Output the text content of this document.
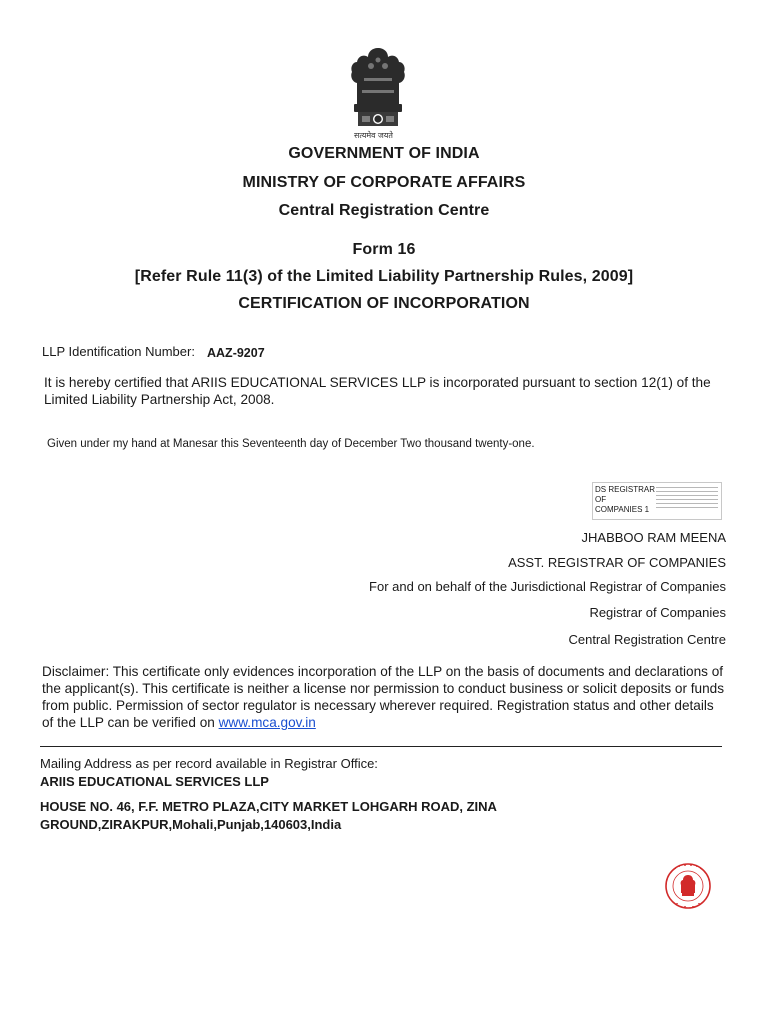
सत्यमेव जयते
GOVERNMENT OF INDIA
MINISTRY OF CORPORATE AFFAIRS
Central Registration Centre
Form 16
[Refer Rule 11(3) of the Limited Liability Partnership Rules, 2009]
CERTIFICATION OF INCORPORATION
LLP Identification Number: AAZ-9207
It is hereby certified that ARIIS EDUCATIONAL SERVICES LLP is incorporated pursuant to section 12(1) of the Limited Liability Partnership Act, 2008.
Given under my hand at Manesar this Seventeenth day of December Two thousand twenty-one.
DS REGISTRAR OF COMPANIES 1
JHABBOO RAM MEENA
ASST. REGISTRAR OF COMPANIES
For and on behalf of the Jurisdictional Registrar of Companies
Registrar of Companies
Central Registration Centre
Disclaimer: This certificate only evidences incorporation of the LLP on the basis of documents and declarations of the applicant(s). This certificate is neither a license nor permission to conduct business or solicit deposits or funds from public. Permission of sector regulator is necessary wherever required. Registration status and other details of the LLP can be verified on www.mca.gov.in
Mailing Address as per record available in Registrar Office:
ARIIS EDUCATIONAL SERVICES LLP
HOUSE NO. 46, F.F. METRO PLAZA,CITY MARKET LOHGARH ROAD, ZINA
GROUND,ZIRAKPUR,Mohali,Punjab,140603,India
